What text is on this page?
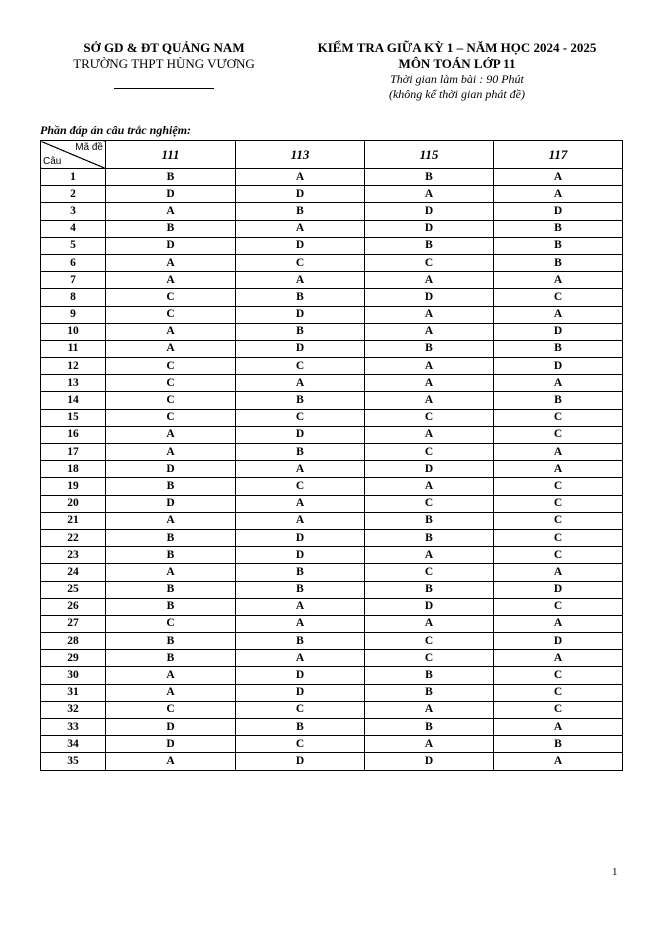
SỞ GD & ĐT QUẢNG NAM
TRƯỜNG THPT HÙNG VƯƠNG
KIỂM TRA GIỮA KỲ 1 – NĂM HỌC 2024 - 2025
MÔN TOÁN LỚP 11
Thời gian làm bài : 90 Phút
(không kể thời gian phát đề)
Phần đáp án câu trắc nghiệm:
Mã đề
Câu	111	113	115	117
1	B	A	B	A
2	D	D	A	A
3	A	B	D	D
4	B	A	D	B
5	D	D	B	B
6	A	C	C	B
7	A	A	A	A
8	C	B	D	C
9	C	D	A	A
10	A	B	A	D
11	A	D	B	B
12	C	C	A	D
13	C	A	A	A
14	C	B	A	B
15	C	C	C	C
16	A	D	A	C
17	A	B	C	A
18	D	A	D	A
19	B	C	A	C
20	D	A	C	C
21	A	A	B	C
22	B	D	B	C
23	B	D	A	C
24	A	B	C	A
25	B	B	B	D
26	B	A	D	C
27	C	A	A	A
28	B	B	C	D
29	B	A	C	A
30	A	D	B	C
31	A	D	B	C
32	C	C	A	C
33	D	B	B	A
34	D	C	A	B
35	A	D	D	A
1
